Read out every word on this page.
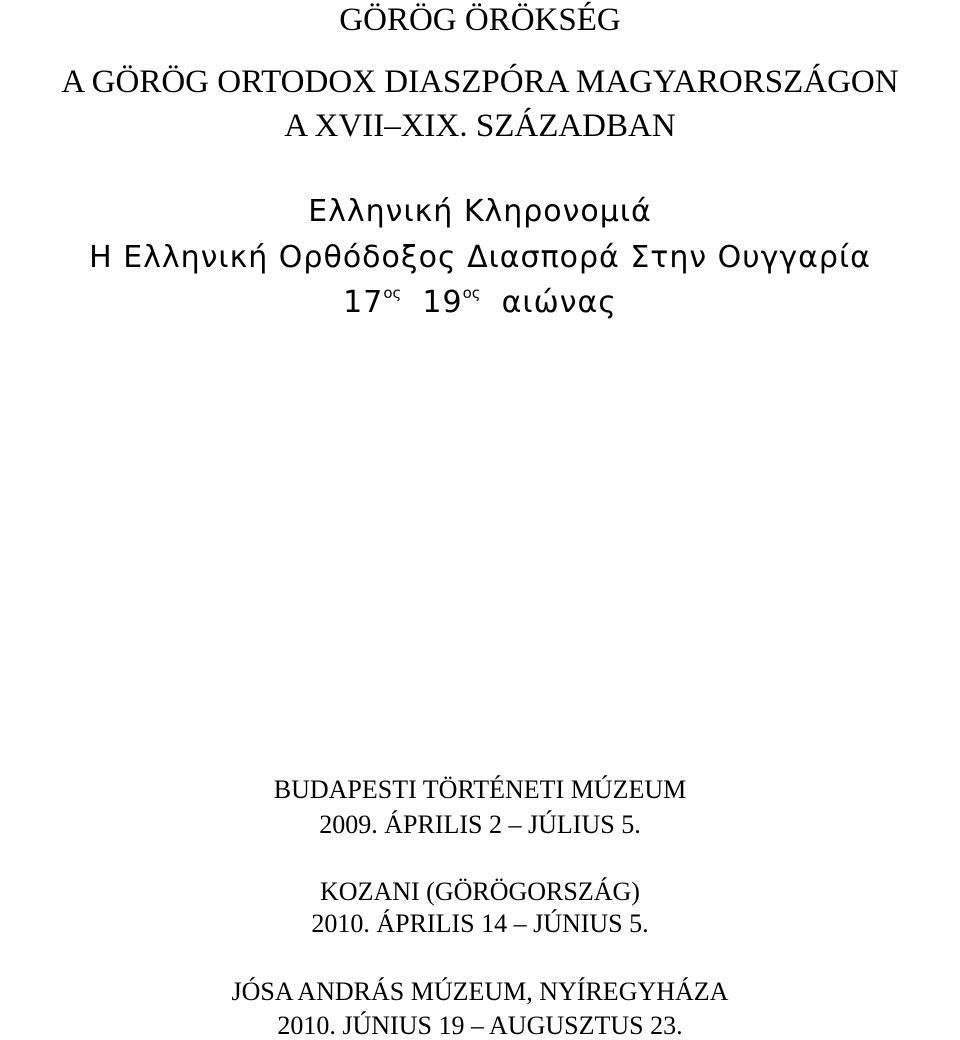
GÖRÖG ÖRÖKSÉG
A GÖRÖG ORTODOX DIASZPÓRA MAGYARORSZÁGON
A XVII–XIX. SZÁZADBAN
Ελληνική Κληρονομιά
Η Ελληνική Ορθόδοξος Διασπορά Στην Ουγγαρία
$17^{o\varsigma}$ $19^{o\varsigma}$ αιώνας
BUDAPESTI TÖRTÉNETI MÚZEUM
2009. ÁPRILIS 2 – JÚLIUS 5.
KOZANI (GÖRÖGORSZÁG)
2010. ÁPRILIS 14 – JÚNIUS 5.
JÓSA ANDRÁS MÚZEUM, NYÍREGYHÁZA
2010. JÚNIUS 19 – AUGUSZTUS 23.
